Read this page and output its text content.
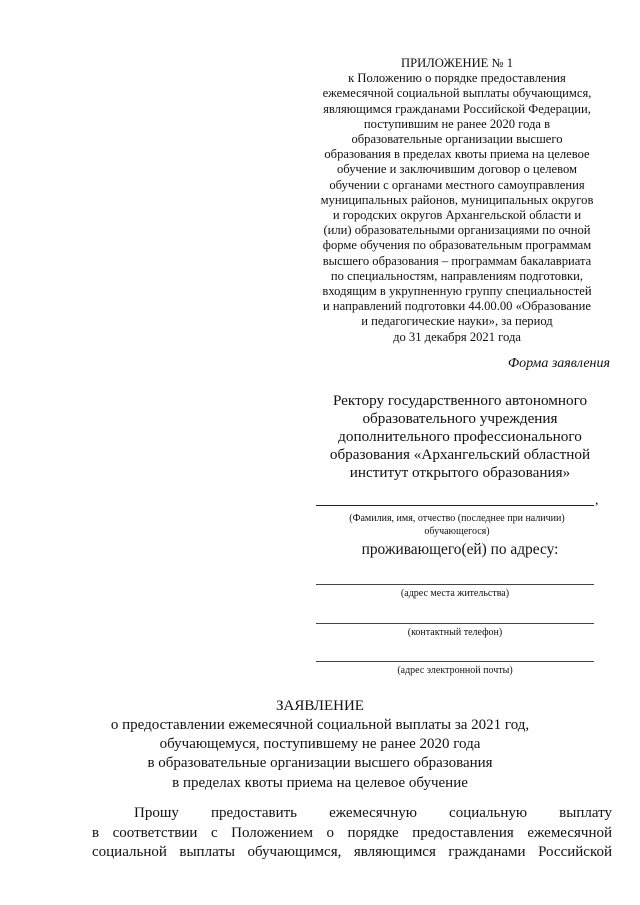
ПРИЛОЖЕНИЕ № 1
к Положению о порядке предоставления
ежемесячной социальной выплаты обучающимся,
являющимся гражданами Российской Федерации,
поступившим не ранее 2020 года в
образовательные организации высшего
образования в пределах квоты приема на целевое
обучение и заключившим договор о целевом
обучении с органами местного самоуправления
муниципальных районов, муниципальных округов
и городских округов Архангельской области и
(или) образовательными организациями по очной
форме обучения по образовательным программам
высшего образования – программам бакалавриата
по специальностям, направлениям подготовки,
входящим в укрупненную группу специальностей
и направлений подготовки 44.00.00 «Образование
и педагогические науки», за период
до 31 декабря 2021 года
Форма заявления
Ректору государственного автономного
образовательного учреждения
дополнительного профессионального
образования «Архангельский областной
институт открытого образования»
,
(Фамилия, имя, отчество (последнее при наличии)
обучающегося)
проживающего(ей) по адресу:
(адрес места жительства)
(контактный телефон)
(адрес электронной почты)
ЗАЯВЛЕНИЕ
о предоставлении ежемесячной социальной выплаты за 2021 год,
обучающемуся, поступившему не ранее 2020 года
в образовательные организации высшего образования
в пределах квоты приема на целевое обучение
Прошу предоставить ежемесячную социальную выплату
в соответствии с Положением о порядке предоставления ежемесячной
социальной выплаты обучающимся, являющимся гражданами Российской
